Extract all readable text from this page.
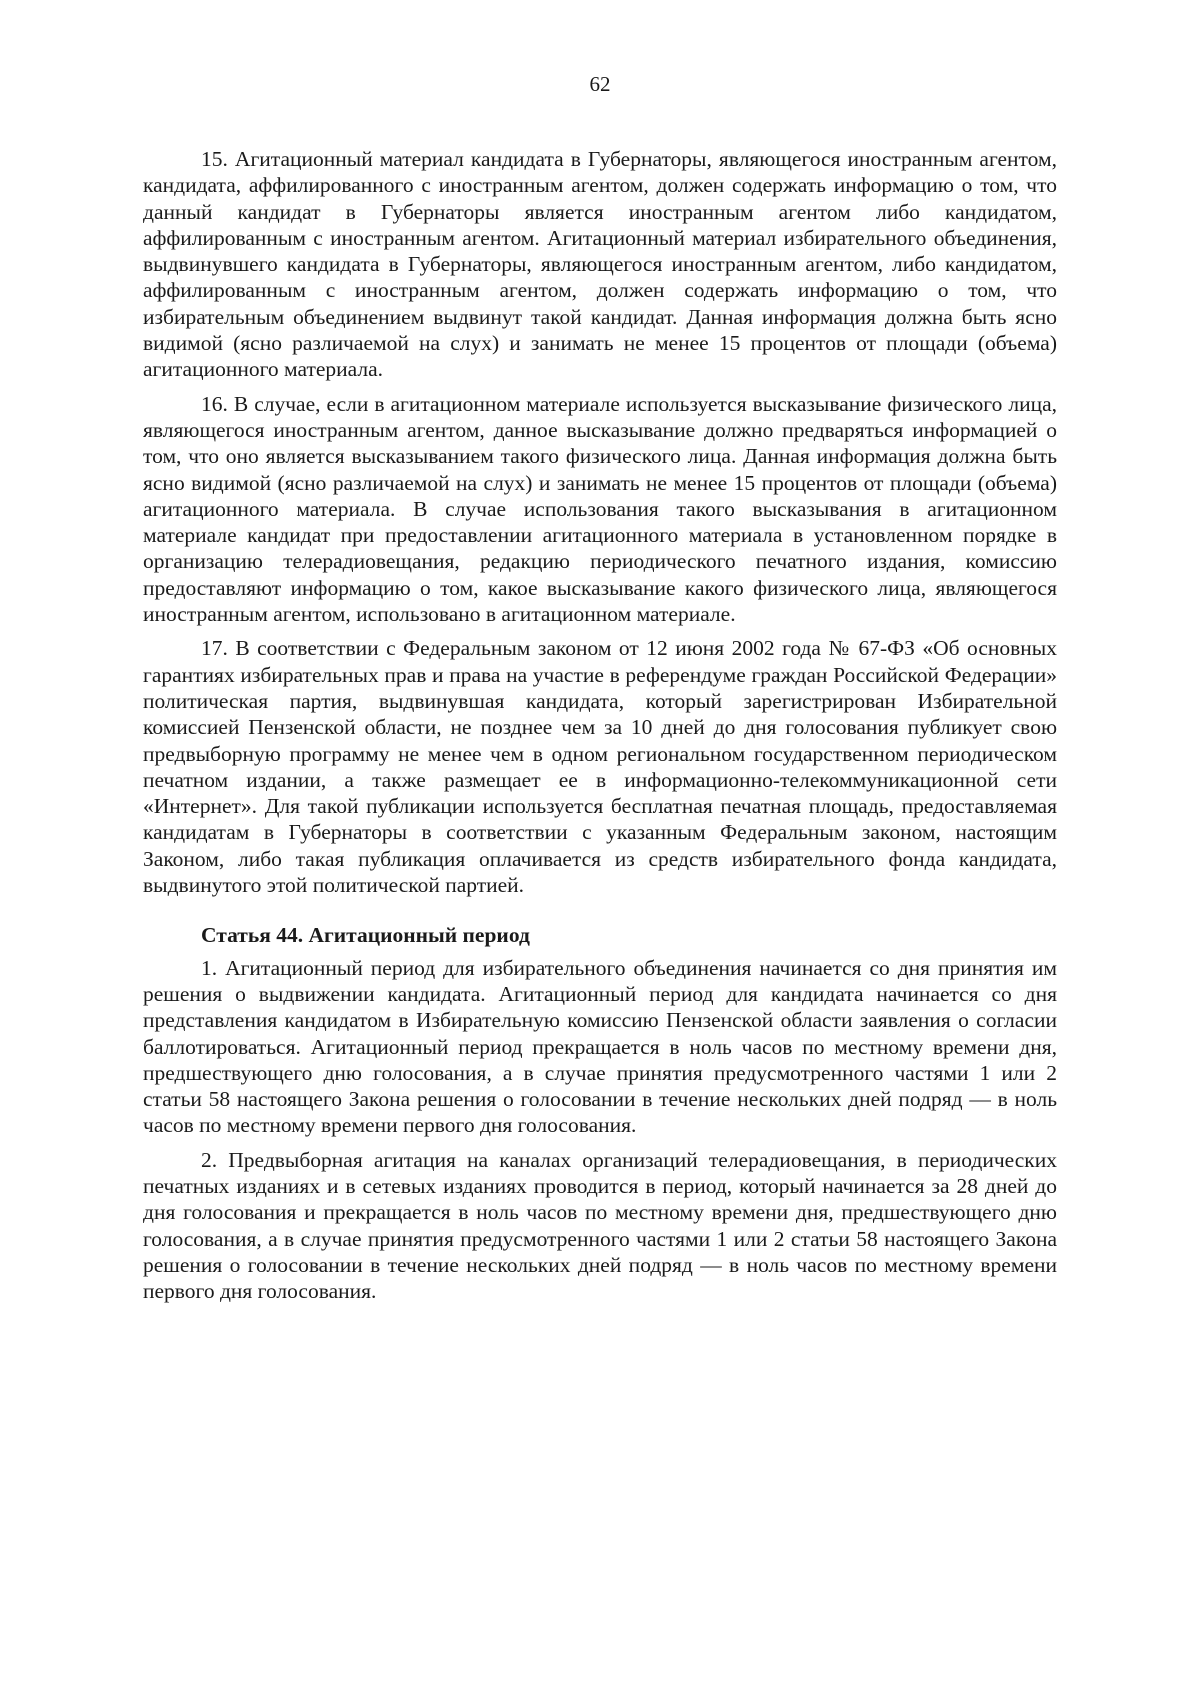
62

15. Агитационный материал кандидата в Губернаторы, являющегося иностранным агентом, кандидата, аффилированного с иностранным агентом, должен содержать информацию о том, что данный кандидат в Губернаторы является иностранным агентом либо кандидатом, аффилированным с иностранным агентом. Агитационный материал избирательного объединения, выдвинувшего кандидата в Губернаторы, являющегося иностранным агентом, либо кандидатом, аффилированным с иностранным агентом, должен содержать информацию о том, что избирательным объединением выдвинут такой кандидат. Данная информация должна быть ясно видимой (ясно различаемой на слух) и занимать не менее 15 процентов от площади (объема) агитационного материала.

16. В случае, если в агитационном материале используется высказывание физического лица, являющегося иностранным агентом, данное высказывание должно предваряться информацией о том, что оно является высказыванием такого физического лица. Данная информация должна быть ясно видимой (ясно различаемой на слух) и занимать не менее 15 процентов от площади (объема) агитационного материала. В случае использования такого высказывания в агитационном материале кандидат при предоставлении агитационного материала в установленном порядке в организацию телерадиовещания, редакцию периодического печатного издания, комиссию предоставляют информацию о том, какое высказывание какого физического лица, являющегося иностранным агентом, использовано в агитационном материале.

17. В соответствии с Федеральным законом от 12 июня 2002 года № 67-ФЗ «Об основных гарантиях избирательных прав и права на участие в референдуме граждан Российской Федерации» политическая партия, выдвинувшая кандидата, который зарегистрирован Избирательной комиссией Пензенской области, не позднее чем за 10 дней до дня голосования публикует свою предвыборную программу не менее чем в одном региональном государственном периодическом печатном издании, а также размещает ее в информационно-телекоммуникационной сети «Интернет». Для такой публикации используется бесплатная печатная площадь, предоставляемая кандидатам в Губернаторы в соответствии с указанным Федеральным законом, настоящим Законом, либо такая публикация оплачивается из средств избирательного фонда кандидата, выдвинутого этой политической партией.

Статья 44. Агитационный период

1. Агитационный период для избирательного объединения начинается со дня принятия им решения о выдвижении кандидата. Агитационный период для кандидата начинается со дня представления кандидатом в Избирательную комиссию Пензенской области заявления о согласии баллотироваться. Агитационный период прекращается в ноль часов по местному времени дня, предшествующего дню голосования, а в случае принятия предусмотренного частями 1 или 2 статьи 58 настоящего Закона решения о голосовании в течение нескольких дней подряд — в ноль часов по местному времени первого дня голосования.

2. Предвыборная агитация на каналах организаций телерадиовещания, в периодических печатных изданиях и в сетевых изданиях проводится в период, который начинается за 28 дней до дня голосования и прекращается в ноль часов по местному времени дня, предшествующего дню голосования, а в случае принятия предусмотренного частями 1 или 2 статьи 58 настоящего Закона решения о голосовании в течение нескольких дней подряд — в ноль часов по местному времени первого дня голосования.
